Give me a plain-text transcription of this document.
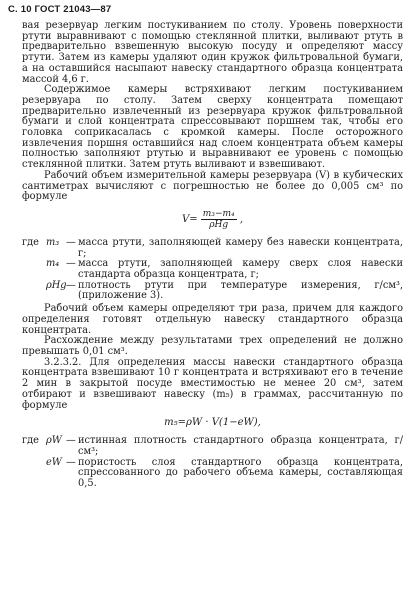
С. 10 ГОСТ 21043—87

вая резервуар легким постукиванием по столу. Уровень поверхности ртути выравнивают с помощью стеклянной плитки, выливают ртуть в предварительно взвешенную высокую посуду и определяют массу ртути. Затем из камеры удаляют один кружок фильтровальной бумаги, а на оставшийся насыпают навеску стандартного образца концентрата массой 4,6 г.

Содержимое камеры встряхивают легким постукиванием резервуара по столу. Затем сверху концентрата помещают предварительно извлеченный из резервуара кружок фильтровальной бумаги и слой концентрата спрессовывают поршнем так, чтобы его головка соприкасалась с кромкой камеры. После осторожного извлечения поршня оставшийся над слоем концентрата объем камеры полностью заполняют ртутью и выравнивают ее уровень с помощью стеклянной плитки. Затем ртуть выливают и взвешивают.

Рабочий объем измерительной камеры резервуара (V) в кубических сантиметрах вычисляют с погрешностью не более до 0,005 см³ по формуле

$V= \frac{\text{m₃−m₄}}{\text{ρHg}}$ ,
где m₃ — масса ртути, заполняющей камеру без навески концентрата, г;
m₄ — масса ртути, заполняющей камеру сверх слоя навески стандарта образца концентрата, г;
ρHg — плотность ртути при температуре измерения, г/см³, (приложение 3).

Рабочий объем камеры определяют три раза, причем для каждого определения готовят отдельную навеску стандартного образца концентрата.

Расхождение между результатами трех определений не должно превышать 0,01 см³.

3.2.3.2. Для определения массы навески стандартного образца концентрата взвешивают 10 г концентрата и встряхивают его в течение 2 мин в закрытой посуде вместимостью не менее 20 см³, затем отбирают и взвешивают навеску (m₅) в граммах, рассчитанную по формуле

m₅=ρW · V(1−eW),
где ρW — истинная плотность стандартного образца концентрата, г/см³;
eW — пористость слоя стандартного образца концентрата, спрессованного до рабочего объема камеры, составляющая 0,5.
